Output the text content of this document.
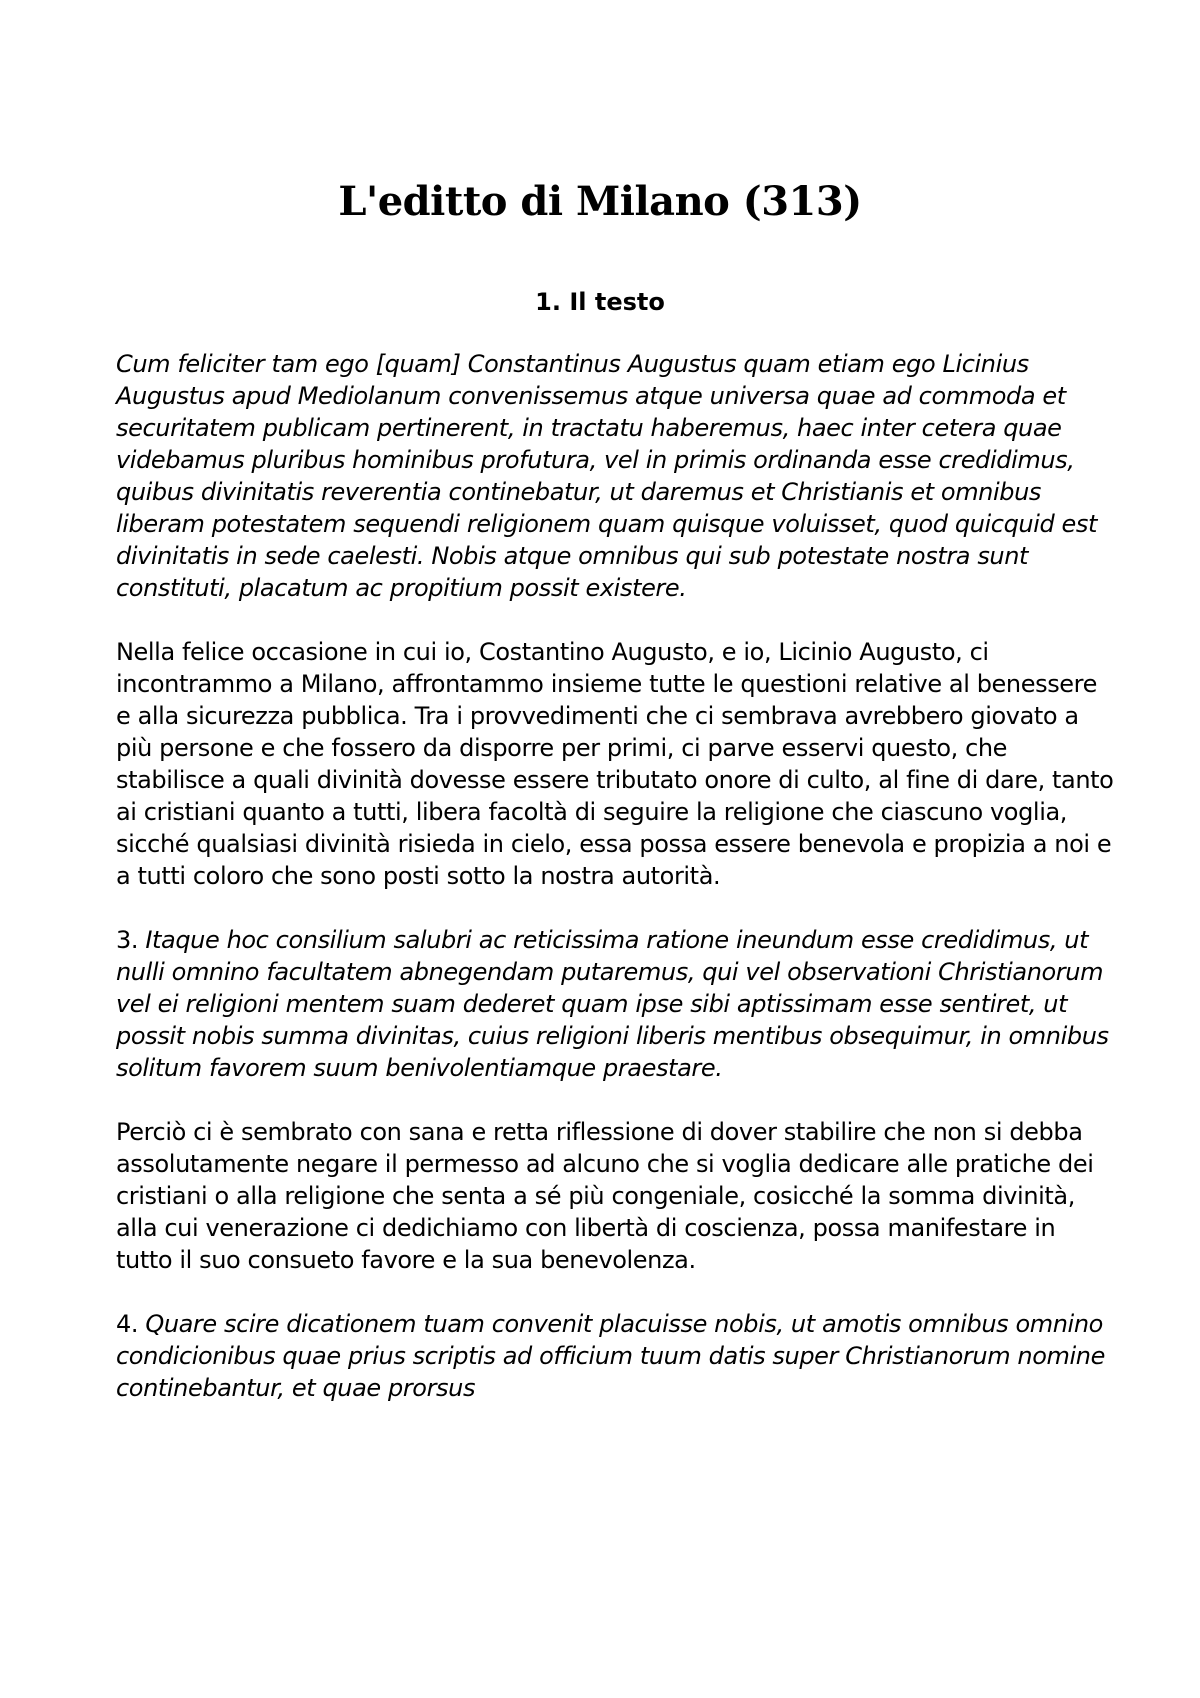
L'editto di Milano (313)
1. Il testo

Cum feliciter tam ego [quam] Constantinus Augustus quam etiam ego Licinius Augustus apud Mediolanum convenissemus atque universa quae ad commoda et securitatem publicam pertinerent, in tractatu haberemus, haec inter cetera quae videbamus pluribus hominibus profutura, vel in primis ordinanda esse credidimus, quibus divinitatis reverentia continebatur, ut daremus et Christianis et omnibus liberam potestatem sequendi religionem quam quisque voluisset, quod quicquid est divinitatis in sede caelesti. Nobis atque omnibus qui sub potestate nostra sunt constituti, placatum ac propitium possit existere.

Nella felice occasione in cui io, Costantino Augusto, e io, Licinio Augusto, ci incontrammo a Milano, affrontammo insieme tutte le questioni relative al benessere e alla sicurezza pubblica. Tra i provvedimenti che ci sembrava avrebbero giovato a più persone e che fossero da disporre per primi, ci parve esservi questo, che stabilisce a quali divinità dovesse essere tributato onore di culto, al fine di dare, tanto ai cristiani quanto a tutti, libera facoltà di seguire la religione che ciascuno voglia, sicché qualsiasi divinità risieda in cielo, essa possa essere benevola e propizia a noi e a tutti coloro che sono posti sotto la nostra autorità.

3. Itaque hoc consilium salubri ac reticissima ratione ineundum esse credidimus, ut nulli omnino facultatem abnegendam putaremus, qui vel observationi Christianorum vel ei religioni mentem suam dederet quam ipse sibi aptissimam esse sentiret, ut possit nobis summa divinitas, cuius religioni liberis mentibus obsequimur, in omnibus solitum favorem suum benivolentiamque praestare.

Perciò ci è sembrato con sana e retta riflessione di dover stabilire che non si debba assolutamente negare il permesso ad alcuno che si voglia dedicare alle pratiche dei cristiani o alla religione che senta a sé più congeniale, cosicché la somma divinità, alla cui venerazione ci dedichiamo con libertà di coscienza, possa manifestare in tutto il suo consueto favore e la sua benevolenza.

4. Quare scire dicationem tuam convenit placuisse nobis, ut amotis omnibus omnino condicionibus quae prius scriptis ad officium tuum datis super Christianorum nomine continebantur, et quae prorsus
